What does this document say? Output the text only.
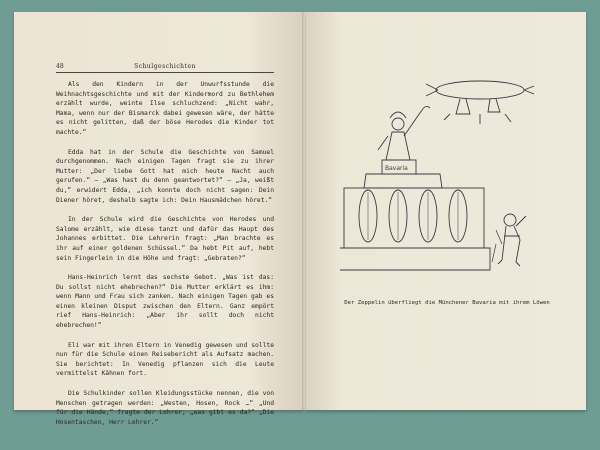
48	Schulgeschichten

Als den Kindern in der Unwurfsstunde die Weihnachtsgeschichte und mit der Kindermord zu Bethlehem erzählt wurde, weinte Ilse schluchzend: „Nicht wahr, Mama, wenn nur der Bismarck dabei gewesen wäre, der hätte es nicht gelitten, daß der böse Herodes die Kinder tot machte.“

Edda hat in der Schule die Geschichte von Samuel durchgenommen. Nach einigen Tagen fragt sie zu ihrer Mutter: „Der liebe Gott hat mich heute Nacht auch gerufen.“ – „Was hast du denn geantwortet?“ – „Ja, weißt du,“ erwidert Edda, „ich konnte doch nicht sagen: Dein Diener höret, deshalb sagte ich: Dein Hausmädchen höret.“

In der Schule wird die Geschichte von Herodes und Salome erzählt, wie diese tanzt und dafür das Haupt des Johannes erbittet. Die Lehrerin fragt: „Man brachte es ihr auf einer goldenen Schüssel.“ Da hebt Pit auf, hebt sein Fingerlein in die Höhe und fragt: „Gebraten?“

Hans-Heinrich lernt das sechste Gebot. „Was ist das: Du sollst nicht ehebrechen?“ Die Mutter erklärt es ihm: wenn Mann und Frau sich zanken. Nach einigen Tagen gab es einen kleinen Disput zwischen den Eltern. Ganz empört rief Hans-Heinrich: „Aber ihr sollt doch nicht ehebrechen!“

Eli war mit ihren Eltern in Venedig gewesen und sollte nun für die Schule einen Reisebericht als Aufsatz machen. Sie berichtet: In Venedig pflanzen sich die Leute vermittelst Kähnen fort.

Die Schulkinder sollen Kleidungsstücke nennen, die von Menschen getragen werden: „Westen, Hosen, Rock …“ „Und für die Hände,“ fragte der Lehrer, „was gibt es da?“ „Die Hosentaschen, Herr Lehrer.“

Bavaria
Der Zeppelin überfliegt die Münchener Bavaria mit ihrem Löwen
